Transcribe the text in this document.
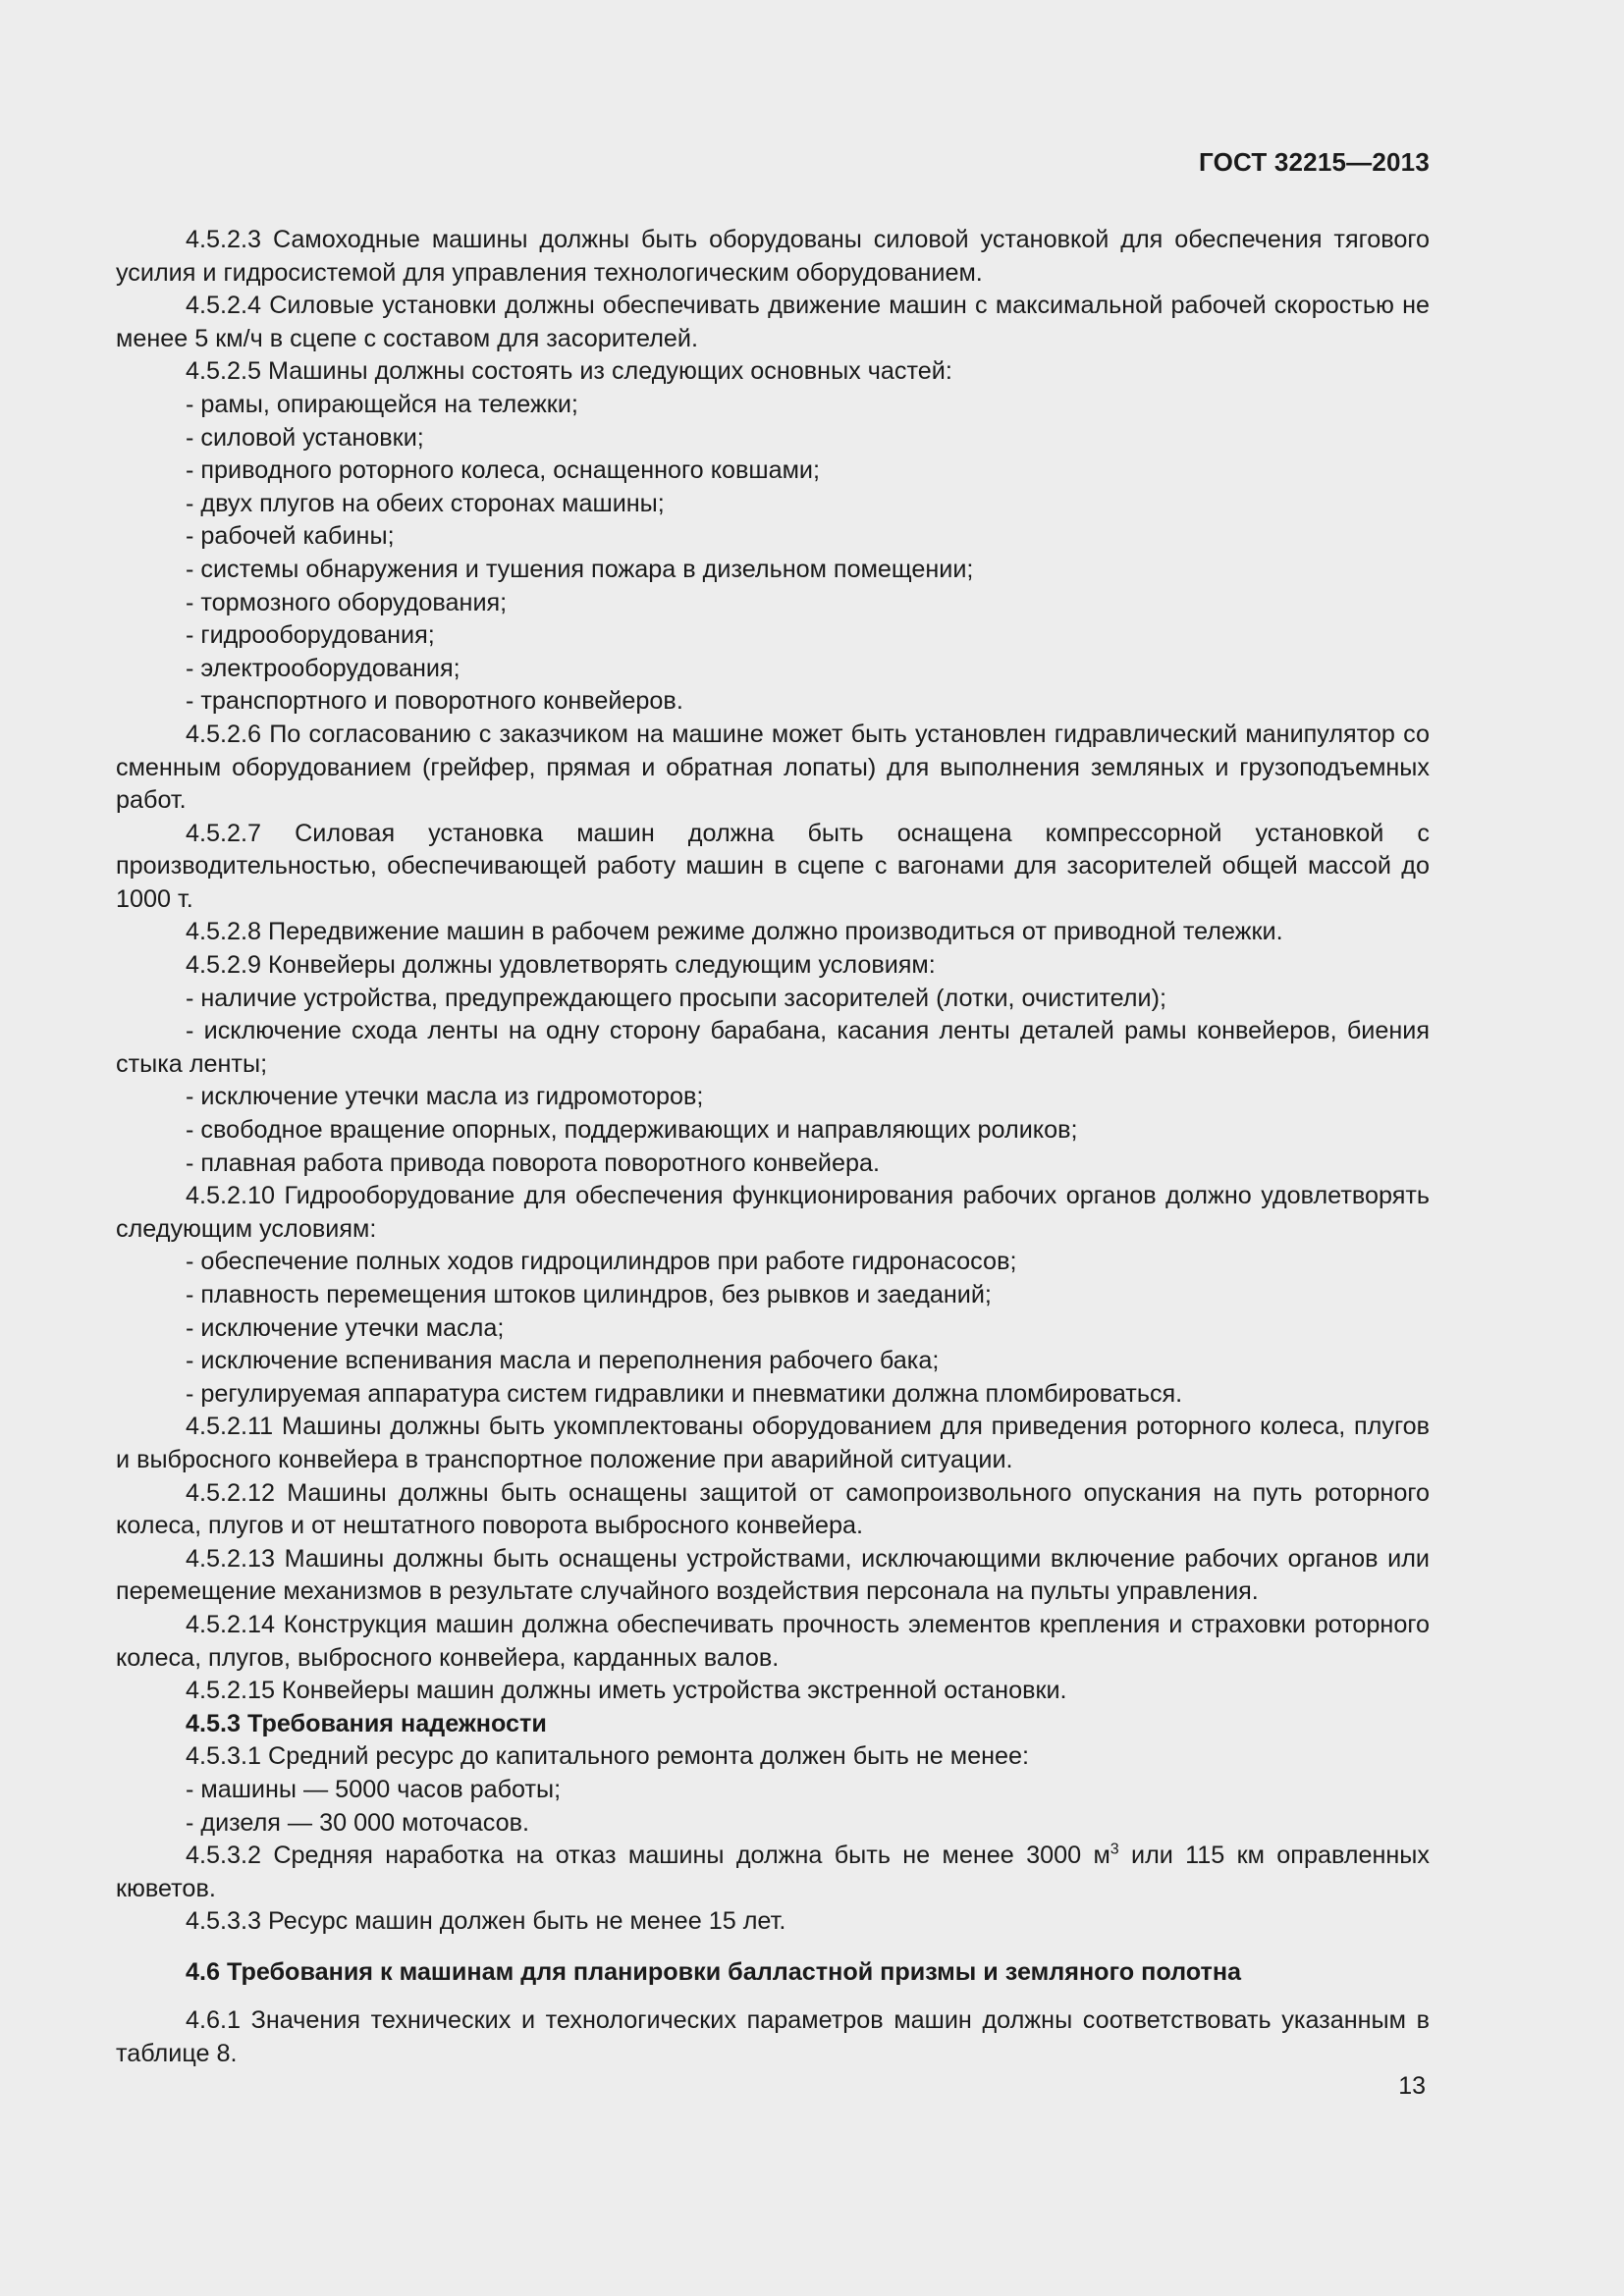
ГОСТ 32215—2013
4.5.2.3 Самоходные машины должны быть оборудованы силовой установкой для обеспечения тягового усилия и гидросистемой для управления технологическим оборудованием.
4.5.2.4 Силовые установки должны обеспечивать движение машин с максимальной рабочей скоростью не менее 5 км/ч в сцепе с составом для засорителей.
4.5.2.5 Машины должны состоять из следующих основных частей:
- рамы, опирающейся на тележки;
- силовой установки;
- приводного роторного колеса, оснащенного ковшами;
- двух плугов на обеих сторонах машины;
- рабочей кабины;
- системы обнаружения и тушения пожара в дизельном помещении;
- тормозного оборудования;
- гидрооборудования;
- электрооборудования;
- транспортного и поворотного конвейеров.
4.5.2.6 По согласованию с заказчиком на машине может быть установлен гидравлический манипулятор со сменным оборудованием (грейфер, прямая и обратная лопаты) для выполнения земляных и грузоподъемных работ.
4.5.2.7 Силовая установка машин должна быть оснащена компрессорной установкой с производительностью, обеспечивающей работу машин в сцепе с вагонами для засорителей общей массой до 1000 т.
4.5.2.8 Передвижение машин в рабочем режиме должно производиться от приводной тележки.
4.5.2.9 Конвейеры должны удовлетворять следующим условиям:
- наличие устройства, предупреждающего просыпи засорителей (лотки, очистители);
- исключение схода ленты на одну сторону барабана, касания ленты деталей рамы конвейеров, биения стыка ленты;
- исключение утечки масла из гидромоторов;
- свободное вращение опорных, поддерживающих и направляющих роликов;
- плавная работа привода поворота поворотного конвейера.
4.5.2.10 Гидрооборудование для обеспечения функционирования рабочих органов должно удовлетворять следующим условиям:
- обеспечение полных ходов гидроцилиндров при работе гидронасосов;
- плавность перемещения штоков цилиндров, без рывков и заеданий;
- исключение утечки масла;
- исключение вспенивания масла и переполнения рабочего бака;
- регулируемая аппаратура систем гидравлики и пневматики должна пломбироваться.
4.5.2.11 Машины должны быть укомплектованы оборудованием для приведения роторного колеса, плугов и выбросного конвейера в транспортное положение при аварийной ситуации.
4.5.2.12 Машины должны быть оснащены защитой от самопроизвольного опускания на путь роторного колеса, плугов и от нештатного поворота выбросного конвейера.
4.5.2.13 Машины должны быть оснащены устройствами, исключающими включение рабочих органов или перемещение механизмов в результате случайного воздействия персонала на пульты управления.
4.5.2.14 Конструкция машин должна обеспечивать прочность элементов крепления и страховки роторного колеса, плугов, выбросного конвейера, карданных валов.
4.5.2.15 Конвейеры машин должны иметь устройства экстренной остановки.
4.5.3 Требования надежности
4.5.3.1 Средний ресурс до капитального ремонта должен быть не менее:
- машины — 5000 часов работы;
- дизеля — 30 000 моточасов.
4.5.3.2 Средняя наработка на отказ машины должна быть не менее 3000 $м^3$ или 115 км оправленных кюветов.
4.5.3.3 Ресурс машин должен быть не менее 15 лет.
4.6 Требования к машинам для планировки балластной призмы и земляного полотна
4.6.1 Значения технических и технологических параметров машин должны соответствовать указанным в таблице 8.
13
